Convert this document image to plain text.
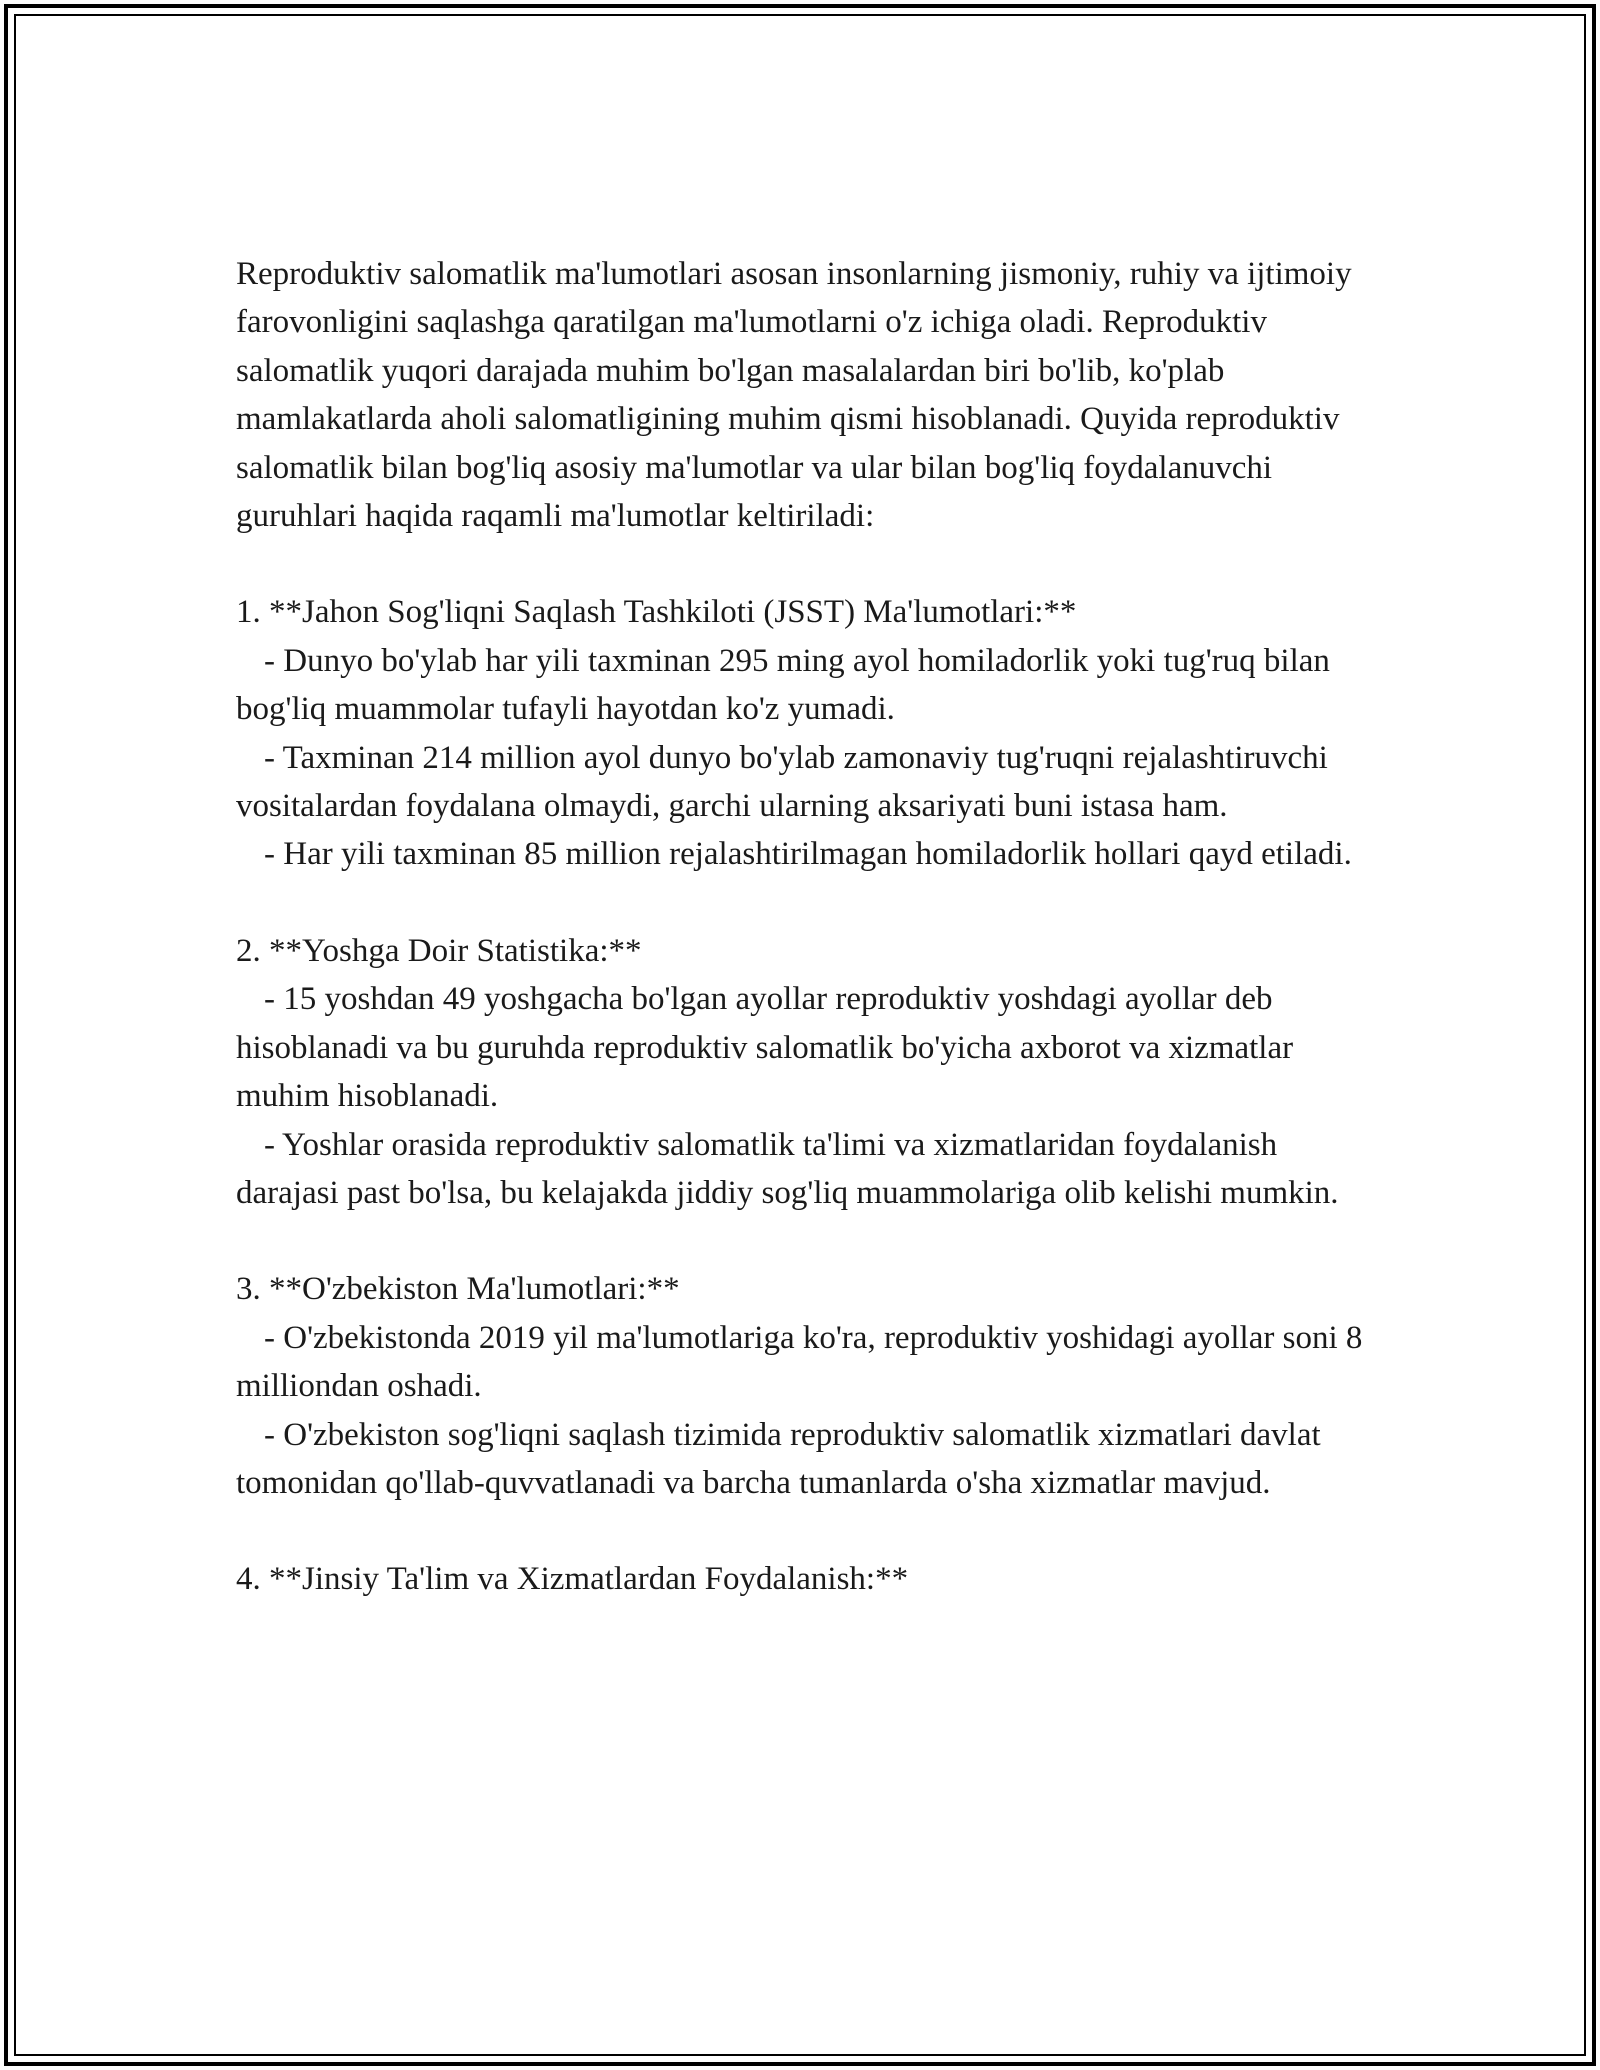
Reproduktiv salomatlik ma'lumotlari asosan insonlarning jismoniy, ruhiy va ijtimoiy farovonligini saqlashga qaratilgan ma'lumotlarni o'z ichiga oladi. Reproduktiv salomatlik yuqori darajada muhim bo'lgan masalalardan biri bo'lib, ko'plab mamlakatlarda aholi salomatligining muhim qismi hisoblanadi. Quyida reproduktiv salomatlik bilan bog'liq asosiy ma'lumotlar va ular bilan bog'liq foydalanuvchi guruhlari haqida raqamli ma'lumotlar keltiriladi:

1. **Jahon Sog'liqni Saqlash Tashkiloti (JSST) Ma'lumotlari:**

- Dunyo bo'ylab har yili taxminan 295 ming ayol homiladorlik yoki tug'ruq bilan bog'liq muammolar tufayli hayotdan ko'z yumadi.

- Taxminan 214 million ayol dunyo bo'ylab zamonaviy tug'ruqni rejalashtiruvchi vositalardan foydalana olmaydi, garchi ularning aksariyati buni istasa ham.

- Har yili taxminan 85 million rejalashtirilmagan homiladorlik hollari qayd etiladi.

2. **Yoshga Doir Statistika:**

- 15 yoshdan 49 yoshgacha bo'lgan ayollar reproduktiv yoshdagi ayollar deb hisoblanadi va bu guruhda reproduktiv salomatlik bo'yicha axborot va xizmatlar muhim hisoblanadi.

- Yoshlar orasida reproduktiv salomatlik ta'limi va xizmatlaridan foydalanish darajasi past bo'lsa, bu kelajakda jiddiy sog'liq muammolariga olib kelishi mumkin.

3. **O'zbekiston Ma'lumotlari:**

- O'zbekistonda 2019 yil ma'lumotlariga ko'ra, reproduktiv yoshidagi ayollar soni 8 milliondan oshadi.

- O'zbekiston sog'liqni saqlash tizimida reproduktiv salomatlik xizmatlari davlat tomonidan qo'llab-quvvatlanadi va barcha tumanlarda o'sha xizmatlar mavjud.

4. **Jinsiy Ta'lim va Xizmatlardan Foydalanish:**
